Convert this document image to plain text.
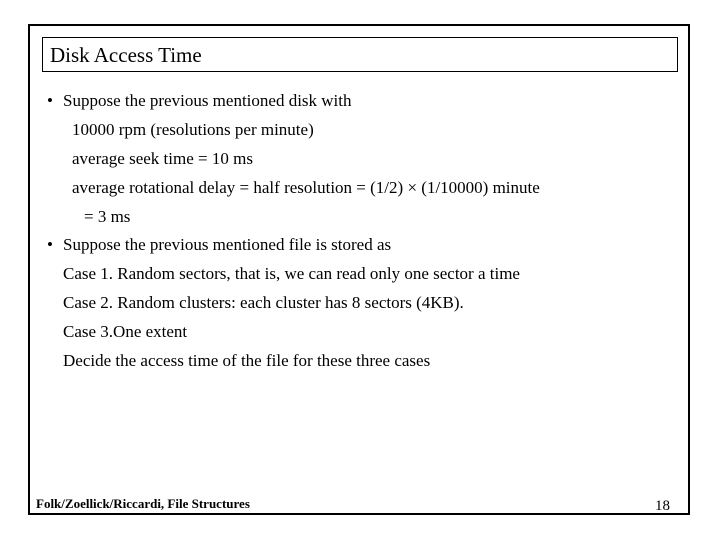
Disk Access Time
• Suppose the previous mentioned disk with
10000 rpm (resolutions per minute)
average seek time = 10 ms
average rotational delay = half resolution = (1/2) × (1/10000) minute
= 3 ms
• Suppose the previous mentioned file is stored as
Case 1. Random sectors, that is, we can read only one sector a time
Case 2. Random clusters: each cluster has 8 sectors (4KB).
Case 3.One extent
Decide the access time of the file for these three cases
Folk/Zoellick/Riccardi, File Structures	18
